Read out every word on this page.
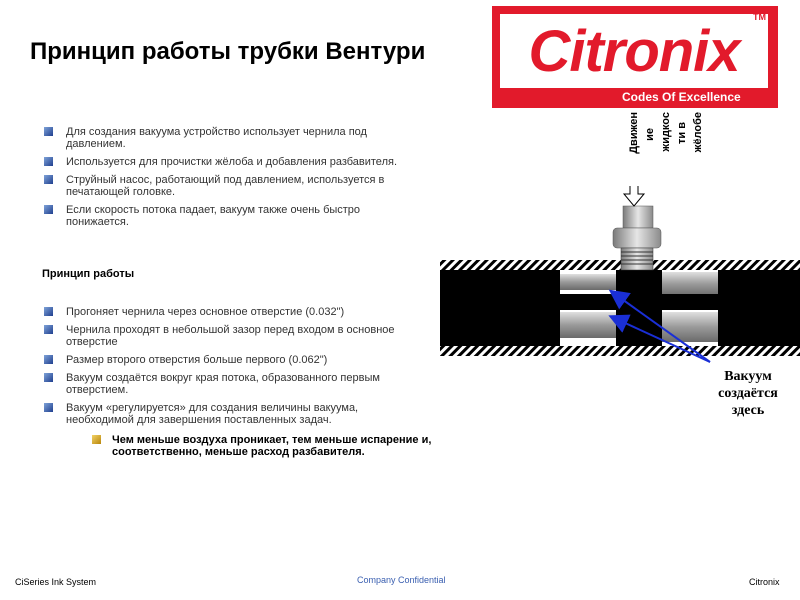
Принцип работы трубки Вентури	Citronix
TM
Codes Of Excellence
Для создания вакуума устройство использует чернила под давлением.
Используется для прочистки жёлоба и добавления разбавителя.
Струйный насос, работающий под давлением, используется в печатающей головке.
Если скорость потока падает, вакуум также очень быстро понижается.
Принцип работы
Прогоняет чернила через основное отверстие (0.032")
Чернила проходят в небольшой зазор перед входом в основное отверстие
Размер второго отверстия больше первого (0.062")
Вакуум создаётся вокруг края потока, образованного первым отверстием.
Вакуум «регулируется» для создания величины вакуума, необходимой для завершения поставленных задач.
Чем меньше воздуха проникает, тем меньше испарение и, соответственно, меньше расход разбавителя.
Движен ие жидкос ти в жёлобе
Вакуум
создаётся
здесь
CiSeries Ink System	Company Confidential	Citronix
